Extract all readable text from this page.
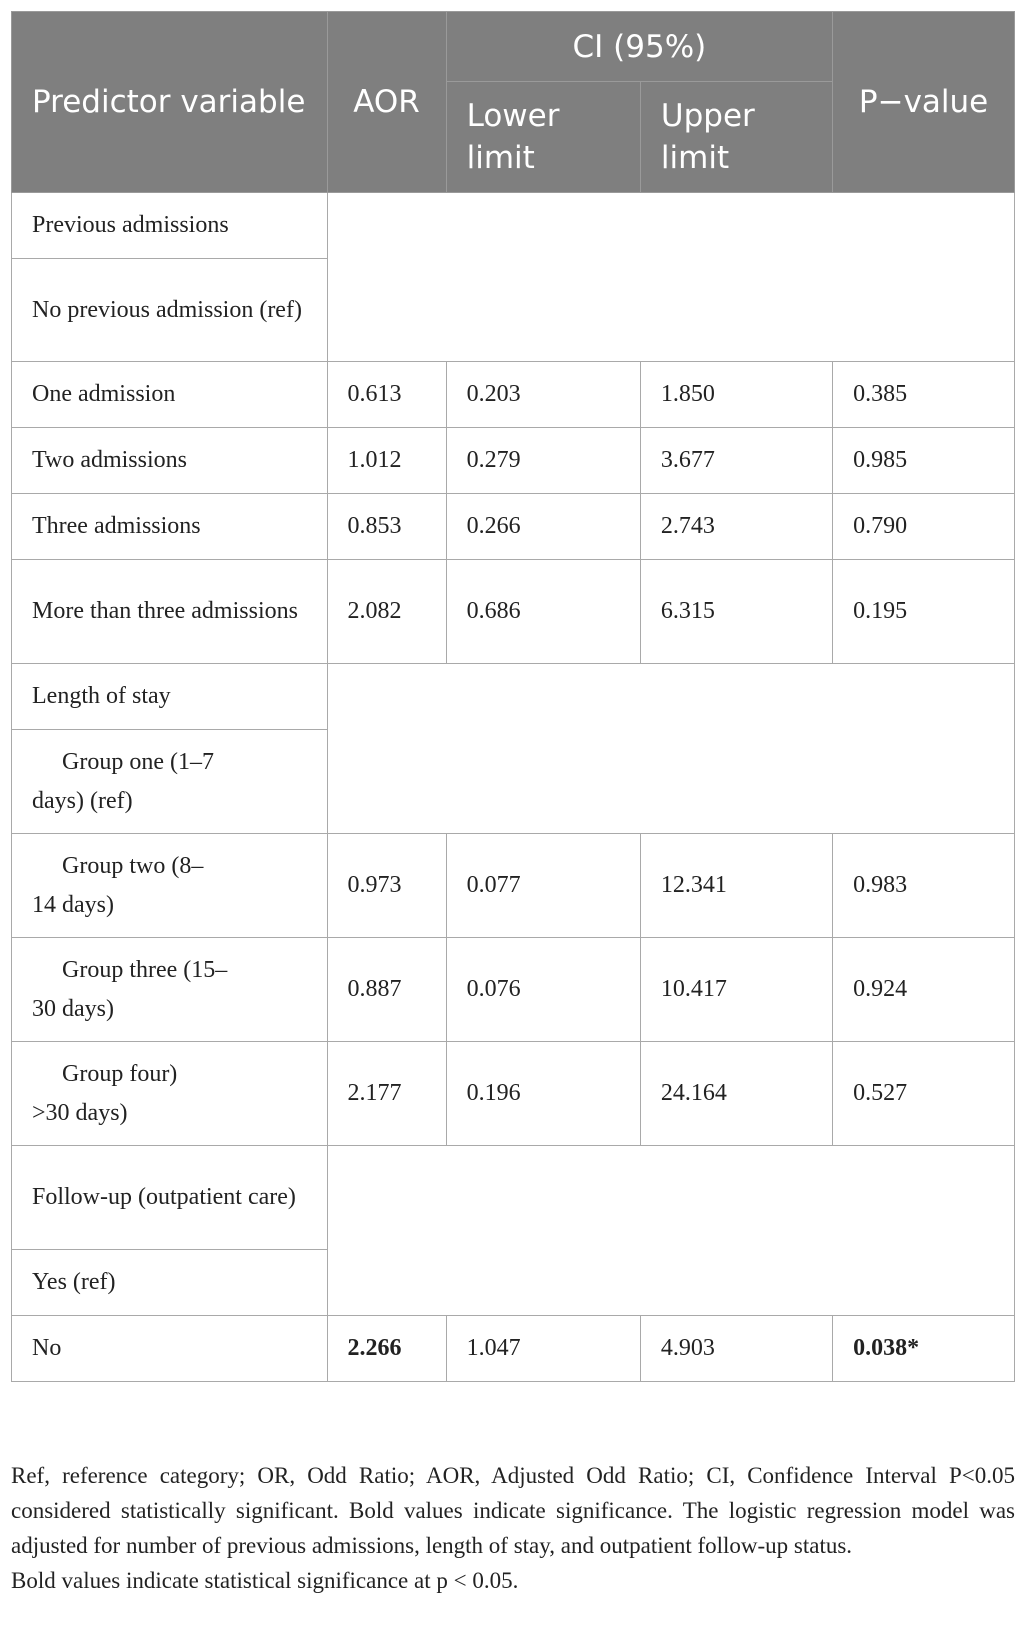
Predictor variable	AOR	CI (95%)		P−value
		Lower limit	Upper limit	
Previous admissions				
No previous admission (ref)				
One admission	0.613	0.203	1.850	0.385
Two admissions	1.012	0.279	3.677	0.985
Three admissions	0.853	0.266	2.743	0.790
More than three admissions	2.082	0.686	6.315	0.195
Length of stay				
Group one (1–7
days) (ref)				

Group two (8–
14 days)	0.973	0.077	12.341	0.983
Group three (15–
30 days)	0.887	0.076	10.417	0.924
Group four)
>30 days)	2.177	0.196	24.164	0.527
Follow-up (outpatient care)				
Yes (ref)				
No	2.266	1.047	4.903	0.038*

Ref, reference category; OR, Odd Ratio; AOR, Adjusted Odd Ratio; CI, Confidence Interval P<0.05 considered statistically significant. Bold values indicate significance. The logistic regression model was adjusted for number of previous admissions, length of stay, and outpatient follow-up status.

Bold values indicate statistical significance at p < 0.05.
